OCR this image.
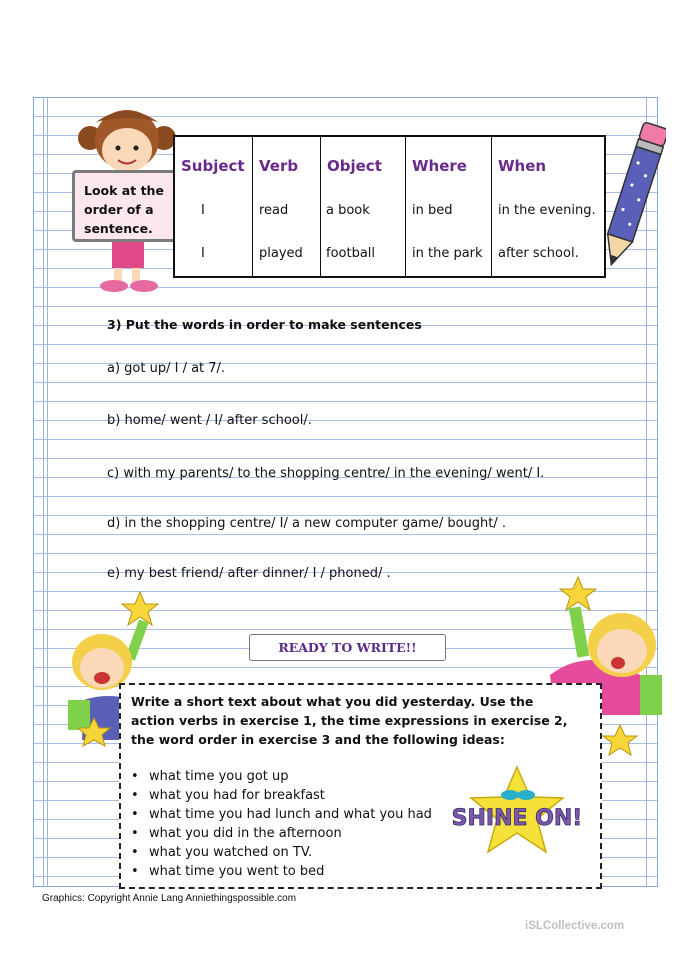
Look at the
order of a
sentence.
Subject
I
I
Verb
read
played
Object
a book
football
Where
in bed
in the park
When
in the evening.
after school.
3) Put the words in order to make sentences
a) got up/ I / at 7/.
b) home/ went / I/ after school/.
c) with my parents/ to the shopping centre/ in the evening/ went/ I.
d) in the shopping centre/ I/ a new computer game/ bought/ .
e) my best friend/ after dinner/ I / phoned/ .
READY TO WRITE!!
Write a short text about what you did yesterday. Use the action verbs in exercise 1, the time expressions in exercise 2, the word order in exercise 3 and the following ideas:
• what time you got up
• what you had for breakfast
• what time you had lunch and what you had
• what you did in the afternoon
• what you watched on TV.
• what time you went to bed
SHINE ON!
Graphics: Copyright Annie Lang Anniethingspossible.com
iSLCollective.com
